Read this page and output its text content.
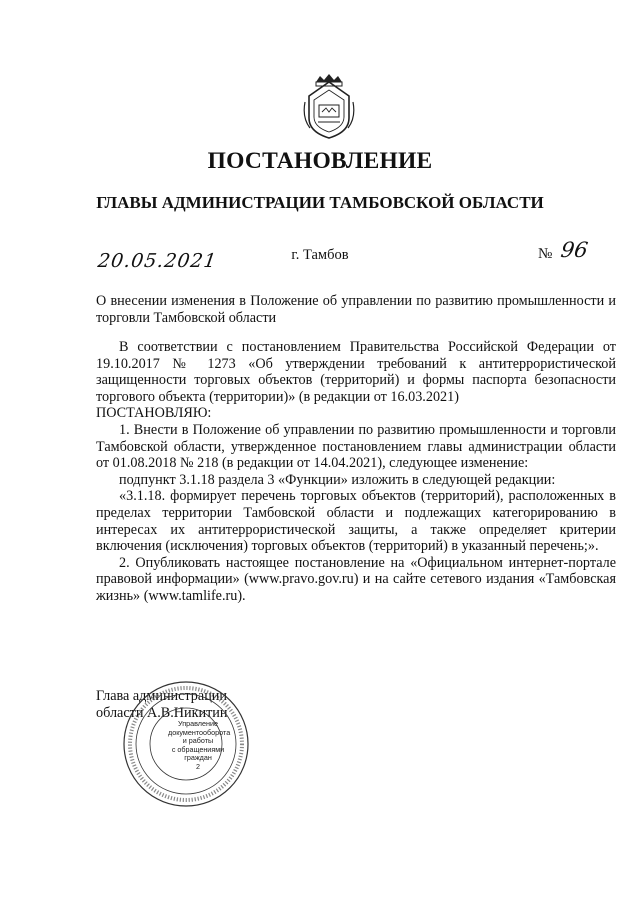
ПОСТАНОВЛЕНИЕ
ГЛАВЫ АДМИНИСТРАЦИИ ТАМБОВСКОЙ ОБЛАСТИ
20.05.2021	г. Тамбов	№ 96

О внесении изменения в Положение об управлении по развитию промышленности и торговли Тамбовской области

В соответствии с постановлением Правительства Российской Федерации от 19.10.2017 № 1273 «Об утверждении требований к антитеррористической защищенности торговых объектов (территорий) и формы паспорта безопасности торгового объекта (территории)» (в редакции от 16.03.2021)

ПОСТАНОВЛЯЮ:

1. Внести в Положение об управлении по развитию промышленности и торговли Тамбовской области, утвержденное постановлением главы администрации области от 01.08.2018 № 218 (в редакции от 14.04.2021), следующее изменение:

подпункт 3.1.18 раздела 3 «Функции» изложить в следующей редакции:

«3.1.18. формирует перечень торговых объектов (территорий), расположенных в пределах территории Тамбовской области и подлежащих категорированию в интересах их антитеррористической защиты, а также определяет критерии включения (исключения) торговых объектов (территорий) в указанный перечень;».

2. Опубликовать настоящее постановление на «Официальном интернет-портале правовой информации» (www.pravo.gov.ru) и на сайте сетевого издания «Тамбовская жизнь» (www.tamlife.ru).

Глава администрации
области А.В.Никитин
Управление
документооборота
и работы
с обращениями
граждан
2
